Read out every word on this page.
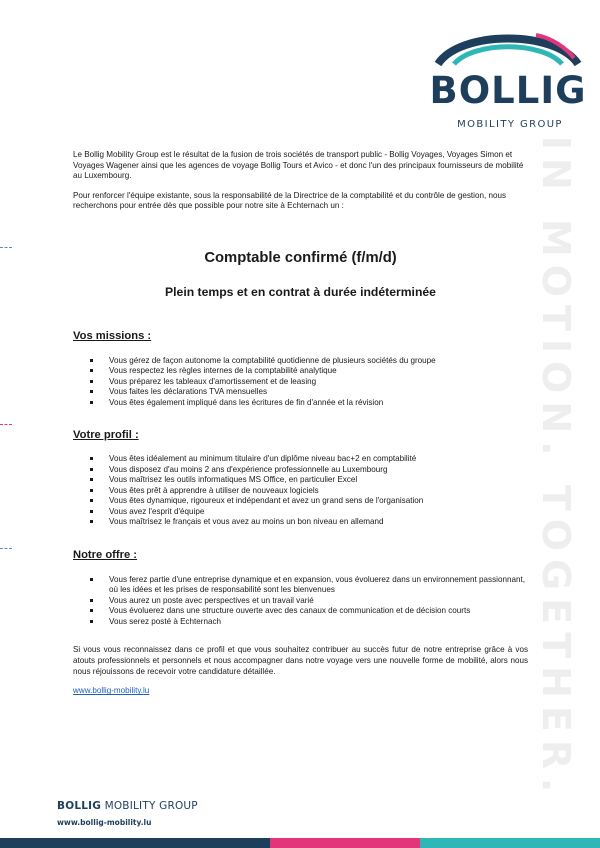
BOLLIG
MOBILITY GROUP
IN MOTION. TOGETHER.

Le Bollig Mobility Group est le résultat de la fusion de trois sociétés de transport public - Bollig Voyages, Voyages Simon et Voyages Wagener ainsi que les agences de voyage Bollig Tours et Avico - et donc l'un des principaux fournisseurs de mobilité au Luxembourg.

Pour renforcer l'équipe existante, sous la responsabilité de la Directrice de la comptabilité et du contrôle de gestion, nous recherchons pour entrée dès que possible pour notre site à Echternach un :

Comptable confirmé (f/m/d)
Plein temps et en contrat à durée indéterminée
Vos missions :
Vous gérez de façon autonome la comptabilité quotidienne de plusieurs sociétés du groupe
Vous respectez les règles internes de la comptabilité analytique
Vous préparez les tableaux d'amortissement et de leasing
Vous faites les déclarations TVA mensuelles
Vous êtes également impliqué dans les écritures de fin d'année et la révision
Votre profil :
Vous êtes idéalement au minimum titulaire d'un diplôme niveau bac+2 en comptabilité
Vous disposez d'au moins 2 ans d'expérience professionnelle au Luxembourg
Vous maîtrisez les outils informatiques MS Office, en particulier Excel
Vous êtes prêt à apprendre à utiliser de nouveaux logiciels
Vous êtes dynamique, rigoureux et indépendant et avez un grand sens de l'organisation
Vous avez l'esprit d'équipe
Vous maîtrisez le français et vous avez au moins un bon niveau en allemand
Notre offre :
Vous ferez partie d'une entreprise dynamique et en expansion, vous évoluerez dans un environnement passionnant, où les idées et les prises de responsabilité sont les bienvenues
Vous aurez un poste avec perspectives et un travail varié
Vous évoluerez dans une structure ouverte avec des canaux de communication et de décision courts
Vous serez posté à Echternach

Si vous vous reconnaissez dans ce profil et que vous souhaitez contribuer au succès futur de notre entreprise grâce à vos atouts professionnels et personnels et nous accompagner dans notre voyage vers une nouvelle forme de mobilité, alors nous nous réjouissons de recevoir votre candidature détaillée.

www.bollig-mobility.lu

BOLLIG MOBILITY GROUP
www.bollig-mobility.lu
